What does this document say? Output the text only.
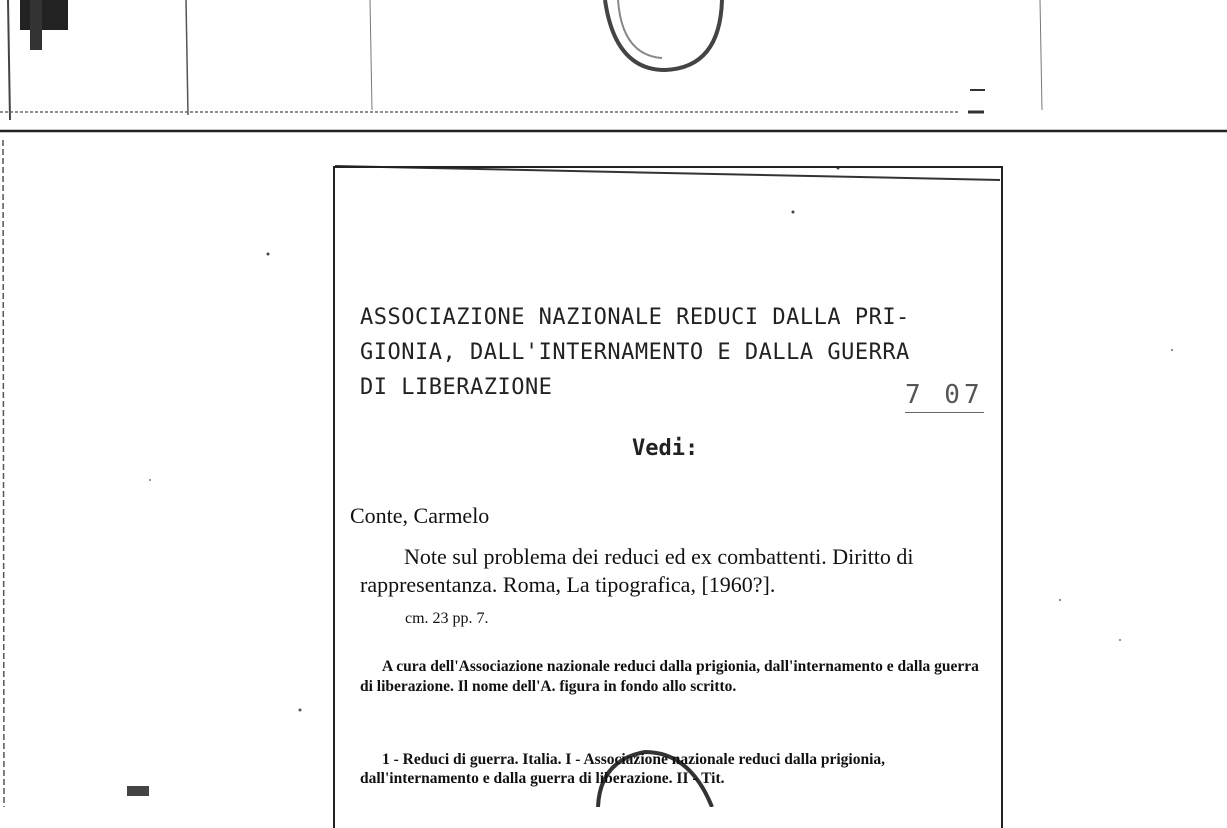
ASSOCIAZIONE NAZIONALE REDUCI DALLA PRI-
GIONIA, DALL'INTERNAMENTO E DALLA GUERRA
DI LIBERAZIONE	7 07
Vedi:
Conte, Carmelo
Note sul problema dei reduci ed ex combattenti. Diritto di rappresentanza. Roma, La tipografica, [1960?].
cm. 23 pp. 7.
A cura dell'Associazione nazionale reduci dalla prigionia, dall'internamento e dalla guerra di liberazione. Il nome dell'A. figura in fondo allo scritto.
1 - Reduci di guerra. Italia. I - Associazione nazionale reduci dalla prigionia, dall'internamento e dalla guerra di liberazione. II - Tit.
